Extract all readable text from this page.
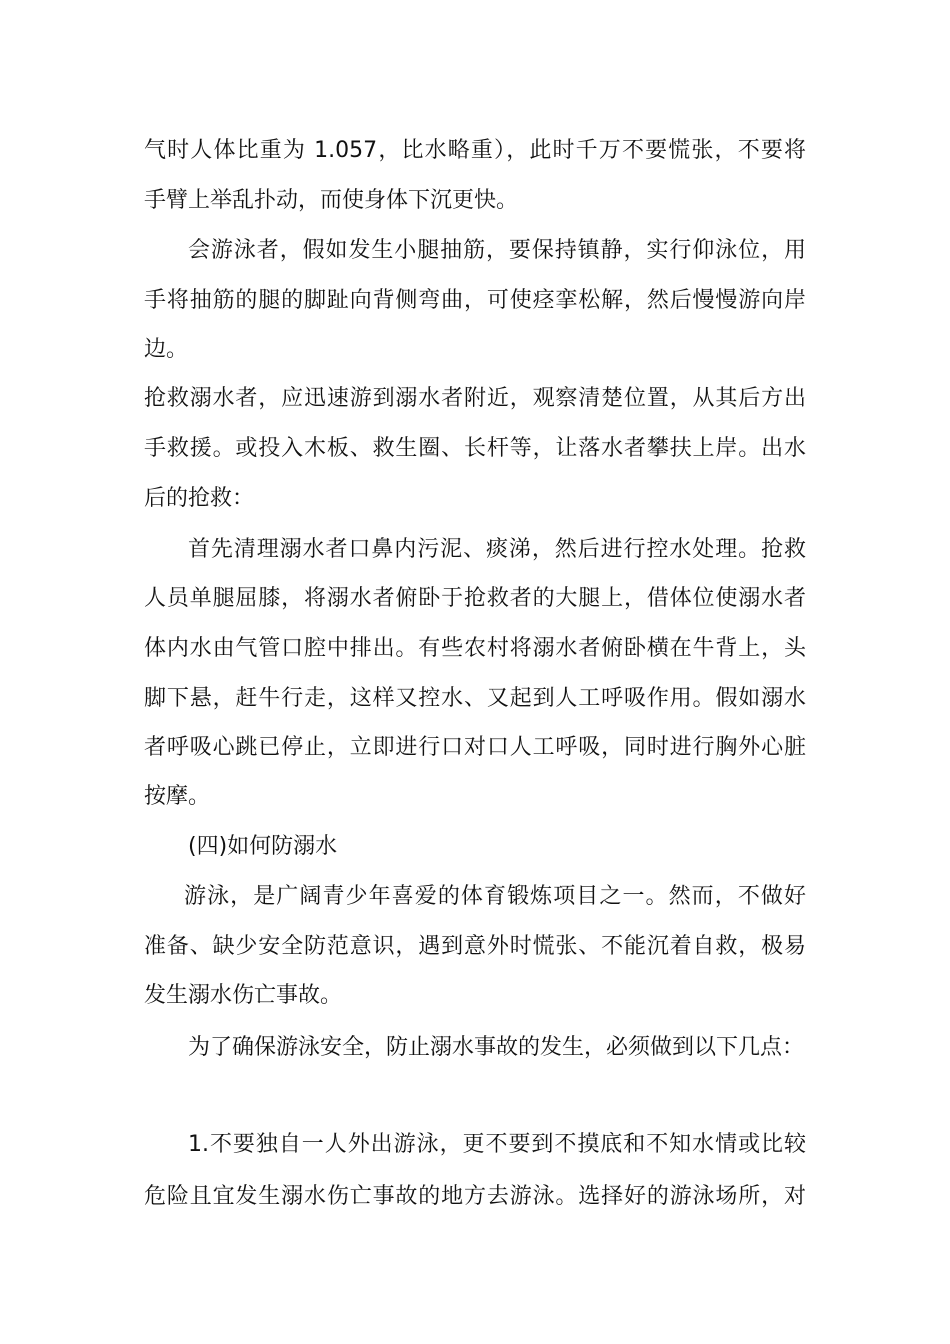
气时人体比重为 1.057，比水略重），此时千万不要慌张，不要将
手臂上举乱扑动，而使身体下沉更快。
会游泳者，假如发生小腿抽筋，要保持镇静，实行仰泳位，用
手将抽筋的腿的脚趾向背侧弯曲，可使痉挛松解，然后慢慢游向岸
边。
抢救溺水者，应迅速游到溺水者附近，观察清楚位置，从其后方出
手救援。或投入木板、救生圈、长杆等，让落水者攀扶上岸。出水
后的抢救：
首先清理溺水者口鼻内污泥、痰涕，然后进行控水处理。抢救
人员单腿屈膝，将溺水者俯卧于抢救者的大腿上，借体位使溺水者
体内水由气管口腔中排出。有些农村将溺水者俯卧横在牛背上，头
脚下悬，赶牛行走，这样又控水、又起到人工呼吸作用。假如溺水
者呼吸心跳已停止，立即进行口对口人工呼吸，同时进行胸外心脏
按摩。
(四)如何防溺水
游泳，是广阔青少年喜爱的体育锻炼项目之一。然而，不做好
准备、缺少安全防范意识，遇到意外时慌张、不能沉着自救，极易
发生溺水伤亡事故。
为了确保游泳安全，防止溺水事故的发生，必须做到以下几点：
1.不要独自一人外出游泳，更不要到不摸底和不知水情或比较
危险且宜发生溺水伤亡事故的地方去游泳。选择好的游泳场所，对
